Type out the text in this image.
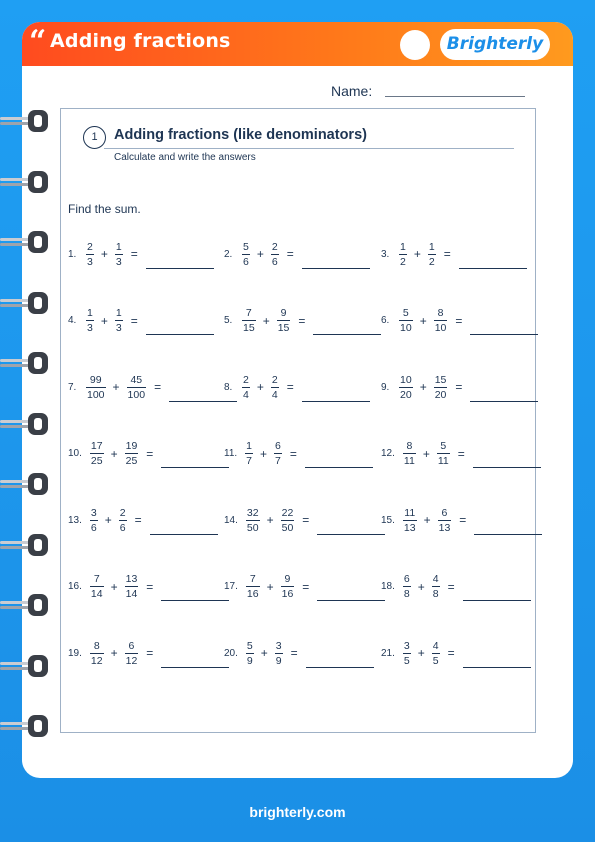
“ Adding fractions	Brighterly
Name:
1	Adding fractions (like denominators)
Calculate and write the answers
Find the sum.
1. $\frac{2}{3} + \frac{1}{3}$ =	2. $\frac{5}{6} + \frac{2}{6}$ =	3. $\frac{1}{2} + \frac{1}{2}$ =
4. $\frac{1}{3} + \frac{1}{3}$ =	5. $\frac{7}{15} + \frac{9}{15}$ =	6. $\frac{5}{10} + \frac{8}{10}$ =
7. $\frac{99}{100} + \frac{45}{100}$ =	8. $\frac{2}{4} + \frac{2}{4}$ =	9. $\frac{10}{20} + \frac{15}{20}$ =
10. $\frac{17}{25} + \frac{19}{25}$ =	11. $\frac{1}{7} + \frac{6}{7}$ =	12. $\frac{8}{11} + \frac{5}{11}$ =
13. $\frac{3}{6} + \frac{2}{6}$ =	14. $\frac{32}{50} + \frac{22}{50}$ =	15. $\frac{11}{13} + \frac{6}{13}$ =
16. $\frac{7}{14} + \frac{13}{14}$ =	17. $\frac{7}{16} + \frac{9}{16}$ =	18. $\frac{6}{8} + \frac{4}{8}$ =
19. $\frac{8}{12} + \frac{6}{12}$ =	20. $\frac{5}{9} + \frac{3}{9}$ =	21. $\frac{3}{5} + \frac{4}{5}$ =
brighterly.com
